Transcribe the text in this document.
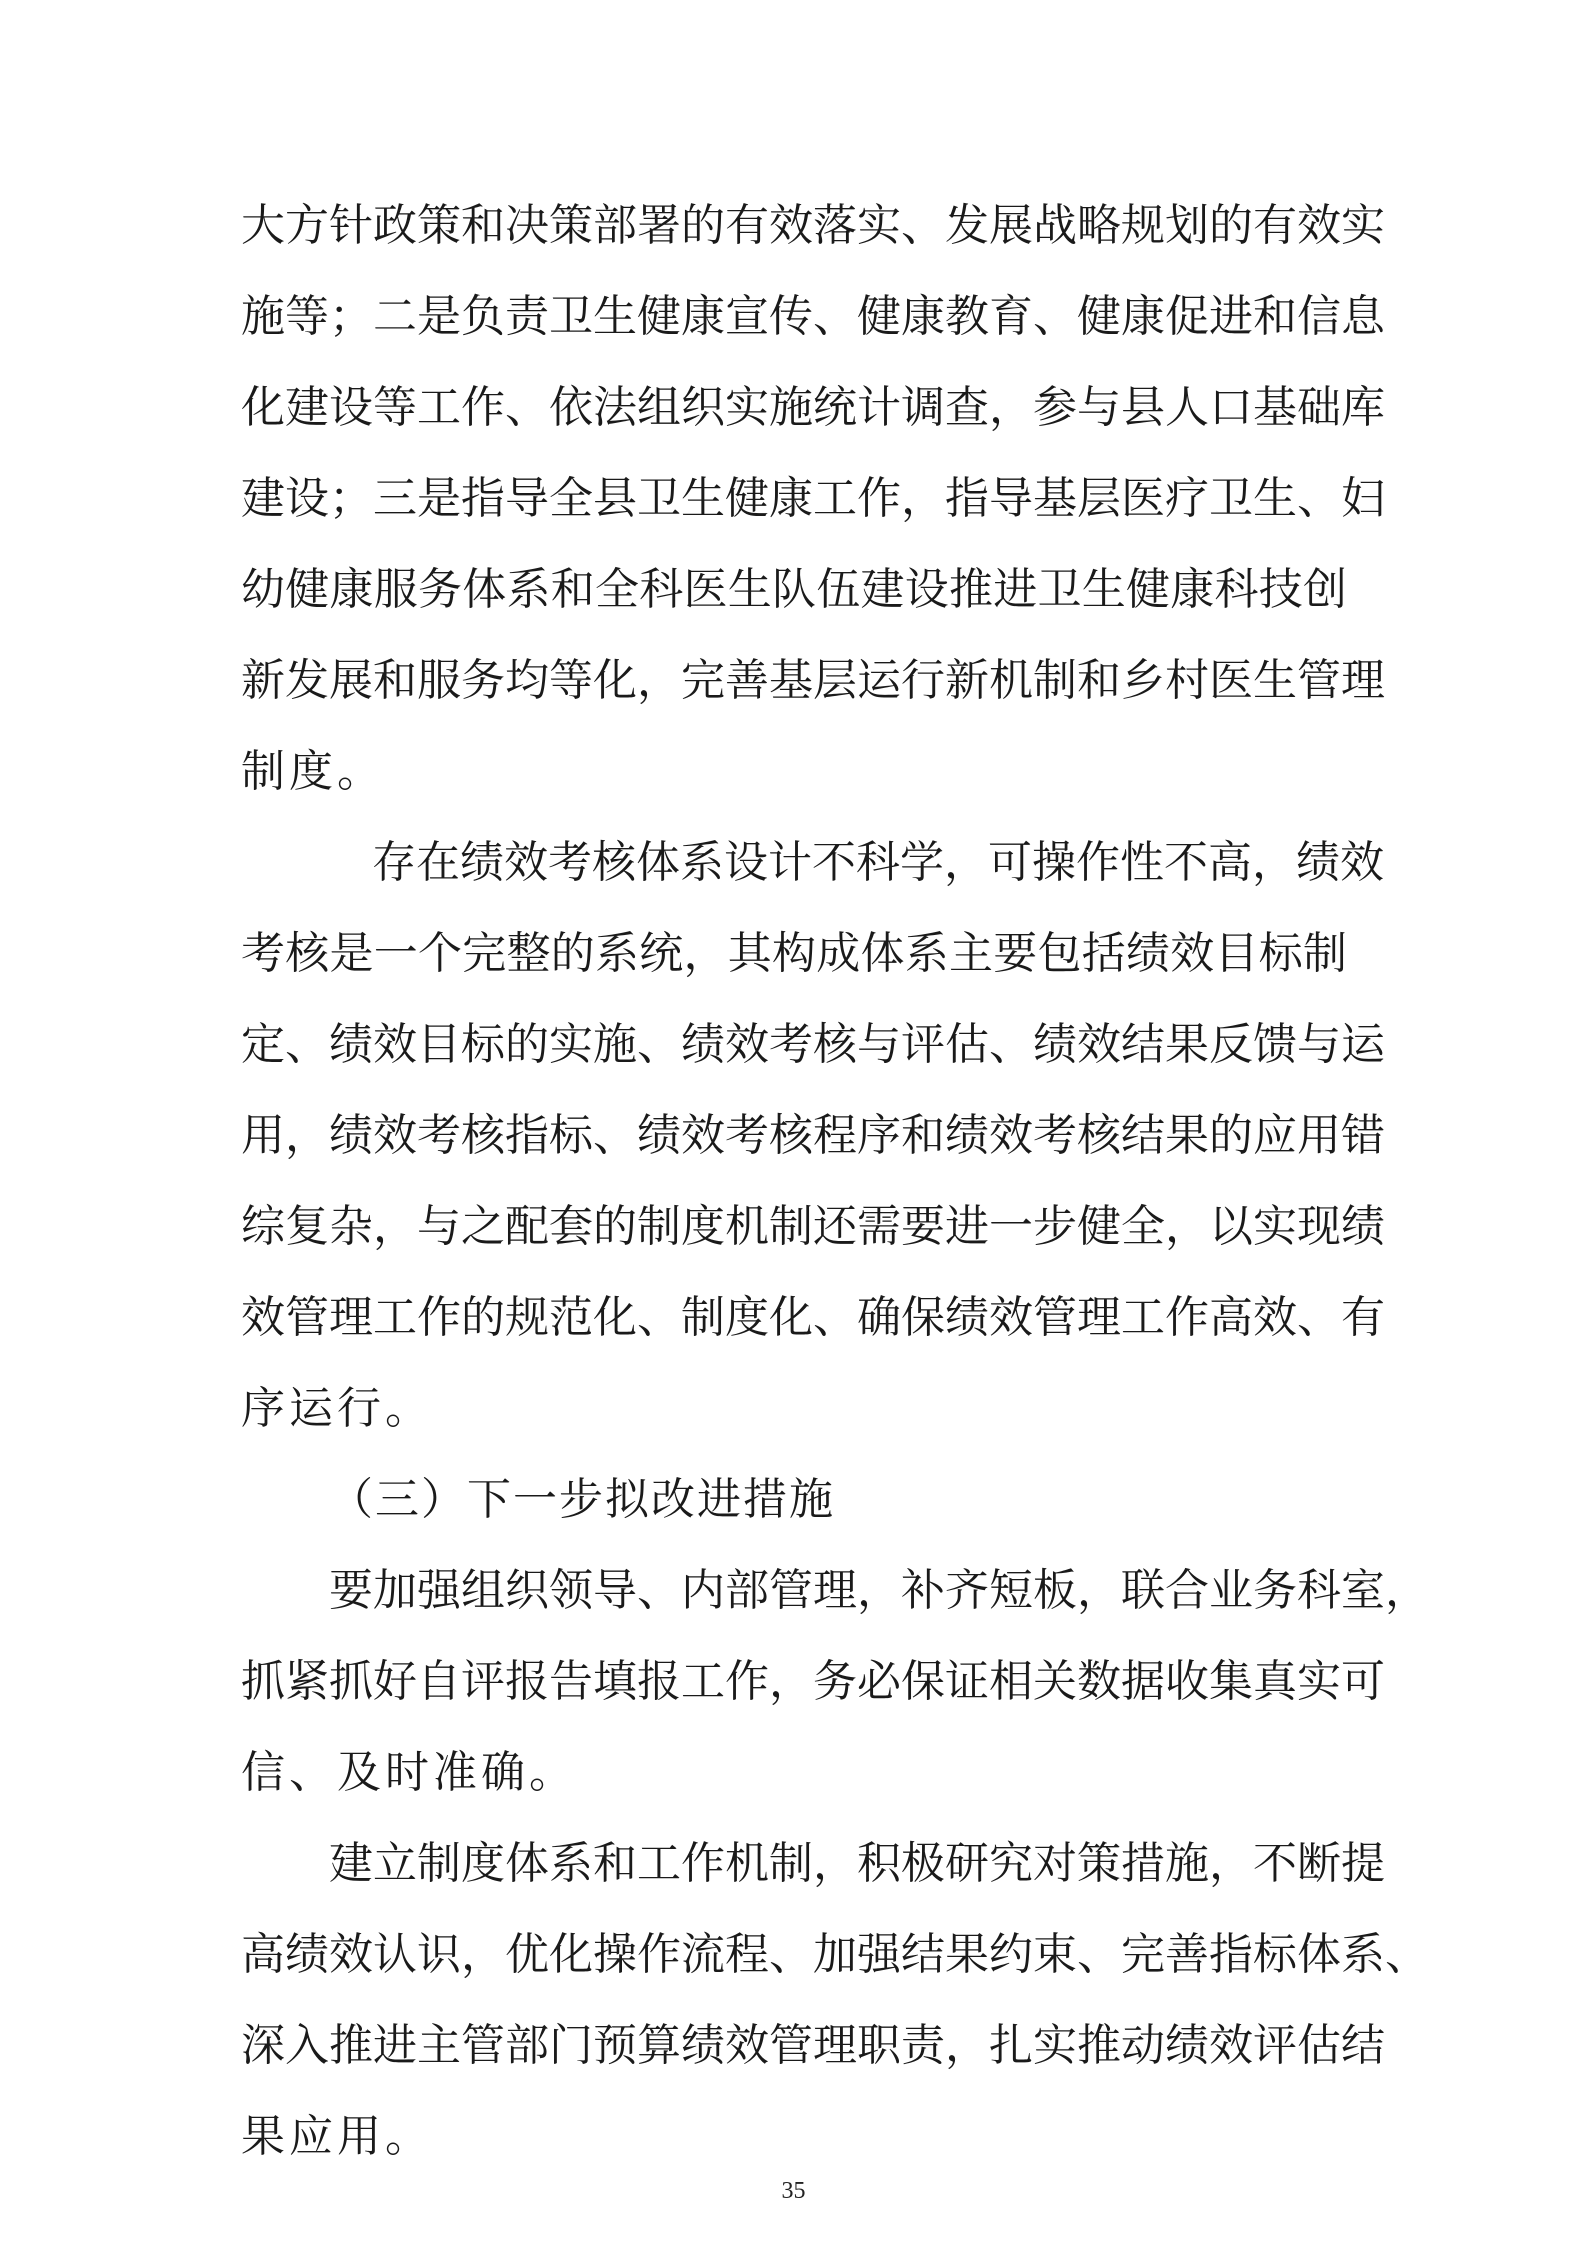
大方针政策和决策部署的有效落实、发展战略规划的有效实
施等；二是负责卫生健康宣传、健康教育、健康促进和信息
化建设等工作、依法组织实施统计调查，参与县人口基础库
建设；三是指导全县卫生健康工作，指导基层医疗卫生、妇
幼健康服务体系和全科医生队伍建设推进卫生健康科技创
新发展和服务均等化，完善基层运行新机制和乡村医生管理
制度。
存在绩效考核体系设计不科学，可操作性不高，绩效
考核是一个完整的系统，其构成体系主要包括绩效目标制
定、绩效目标的实施、绩效考核与评估、绩效结果反馈与运
用，绩效考核指标、绩效考核程序和绩效考核结果的应用错
综复杂，与之配套的制度机制还需要进一步健全，以实现绩
效管理工作的规范化、制度化、确保绩效管理工作高效、有
序运行。
（三）下一步拟改进措施
要加强组织领导、内部管理，补齐短板，联合业务科室，
抓紧抓好自评报告填报工作，务必保证相关数据收集真实可
信、及时准确。
建立制度体系和工作机制，积极研究对策措施，不断提
高绩效认识，优化操作流程、加强结果约束、完善指标体系、
深入推进主管部门预算绩效管理职责，扎实推动绩效评估结
果应用。
35
